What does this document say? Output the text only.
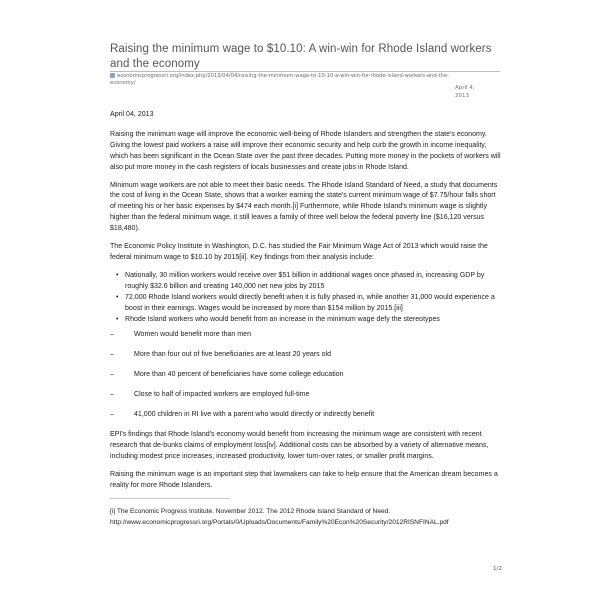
Raising the minimum wage to $10.10: A win-win for Rhode Island workers and the economy
economicprogressri.org/index.php/2013/04/04/raising-the-minimum-wage-to-10-10-a-win-win-for-rhode-island-workers-and-the-economy/
April 4,
2013

April 04, 2013

Raising the minimum wage will improve the economic well-being of Rhode Islanders and strengthen the state's economy. Giving the lowest paid workers a raise will improve their economic security and help curb the growth in income inequality, which has been significant in the Ocean State over the past three decades. Putting more money in the pockets of workers will also put more money in the cash registers of locals businesses and create jobs in Rhode Island.

Minimum wage workers are not able to meet their basic needs. The Rhode Island Standard of Need, a study that documents the cost of living in the Ocean State, shows that a worker earning the state's current minimum wage of $7.75/hour falls short of meeting his or her basic expenses by $474 each month.[i] Furthermore, while Rhode Island's minimum wage is slightly higher than the federal minimum wage, it still leaves a family of three well below the federal poverty line ($16,120 versus $18,480).

The Economic Policy Institute in Washington, D.C. has studied the Fair Minimum Wage Act of 2013 which would raise the federal minimum wage to $10.10 by 2015[ii]. Key findings from their analysis include:

• Nationally, 30 million workers would receive over $51 billion in additional wages once phased in, increasing GDP by roughly $32.6 billion and creating 140,000 net new jobs by 2015
• 72,000 Rhode Island workers would directly benefit when it is fully phased in, while another 31,000 would experience a boost in their earnings. Wages would be increased by more than $154 million by 2015.[iii]
• Rhode Island workers who would benefit from an increase in the minimum wage defy the stereotypes
–	Women would benefit more than men
–	More than four out of five beneficiaries are at least 20 years old
–	More than 40 percent of beneficiaries have some college education
–	Close to half of impacted workers are employed full-time
–	41,000 children in RI live with a parent who would directly or indirectly benefit

EPI's findings that Rhode Island's economy would benefit from increasing the minimum wage are consistent with recent research that de-bunks claims of employment loss[iv]. Additional costs can be absorbed by a variety of alternative means, including modest price increases, increased productivity, lower turn-over rates, or smaller profit margins.

Raising the minimum wage is an important step that lawmakers can take to help ensure that the American dream becomes a reality for more Rhode Islanders.

[i] The Economic Progress Institute. November 2012. The 2012 Rhode Island Standard of Need. http://www.economicprogressri.org/Portals/0/Uploads/Documents/Family%20Econ%20Security/2012RISNFINAL.pdf
1/2
